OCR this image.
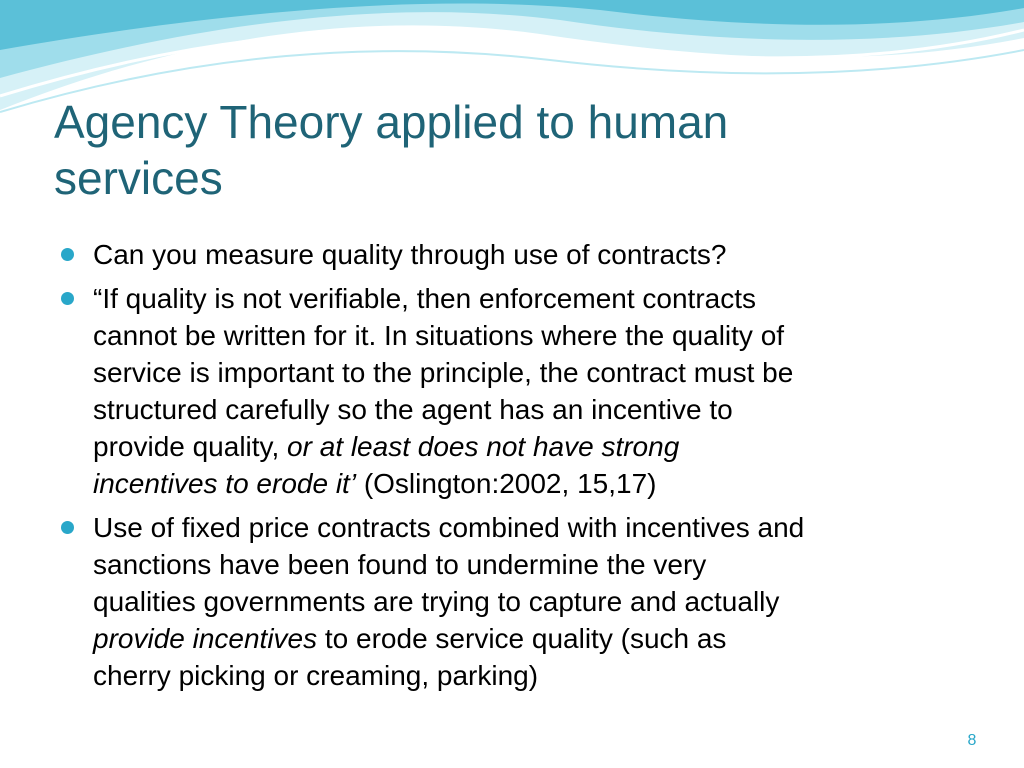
Agency Theory applied to human
services
Can you measure quality through use of contracts?
“If quality is not verifiable, then enforcement contracts
cannot be written for it. In situations where the quality of
service is important to the principle, the contract must be
structured carefully so the agent has an incentive to
provide quality, or at least does not have strong
incentives to erode it’ (Oslington:2002, 15,17)
Use of fixed price contracts combined with incentives and
sanctions have been found to undermine the very
qualities governments are trying to capture and actually
provide incentives to erode service quality (such as
cherry picking or creaming, parking)
8
